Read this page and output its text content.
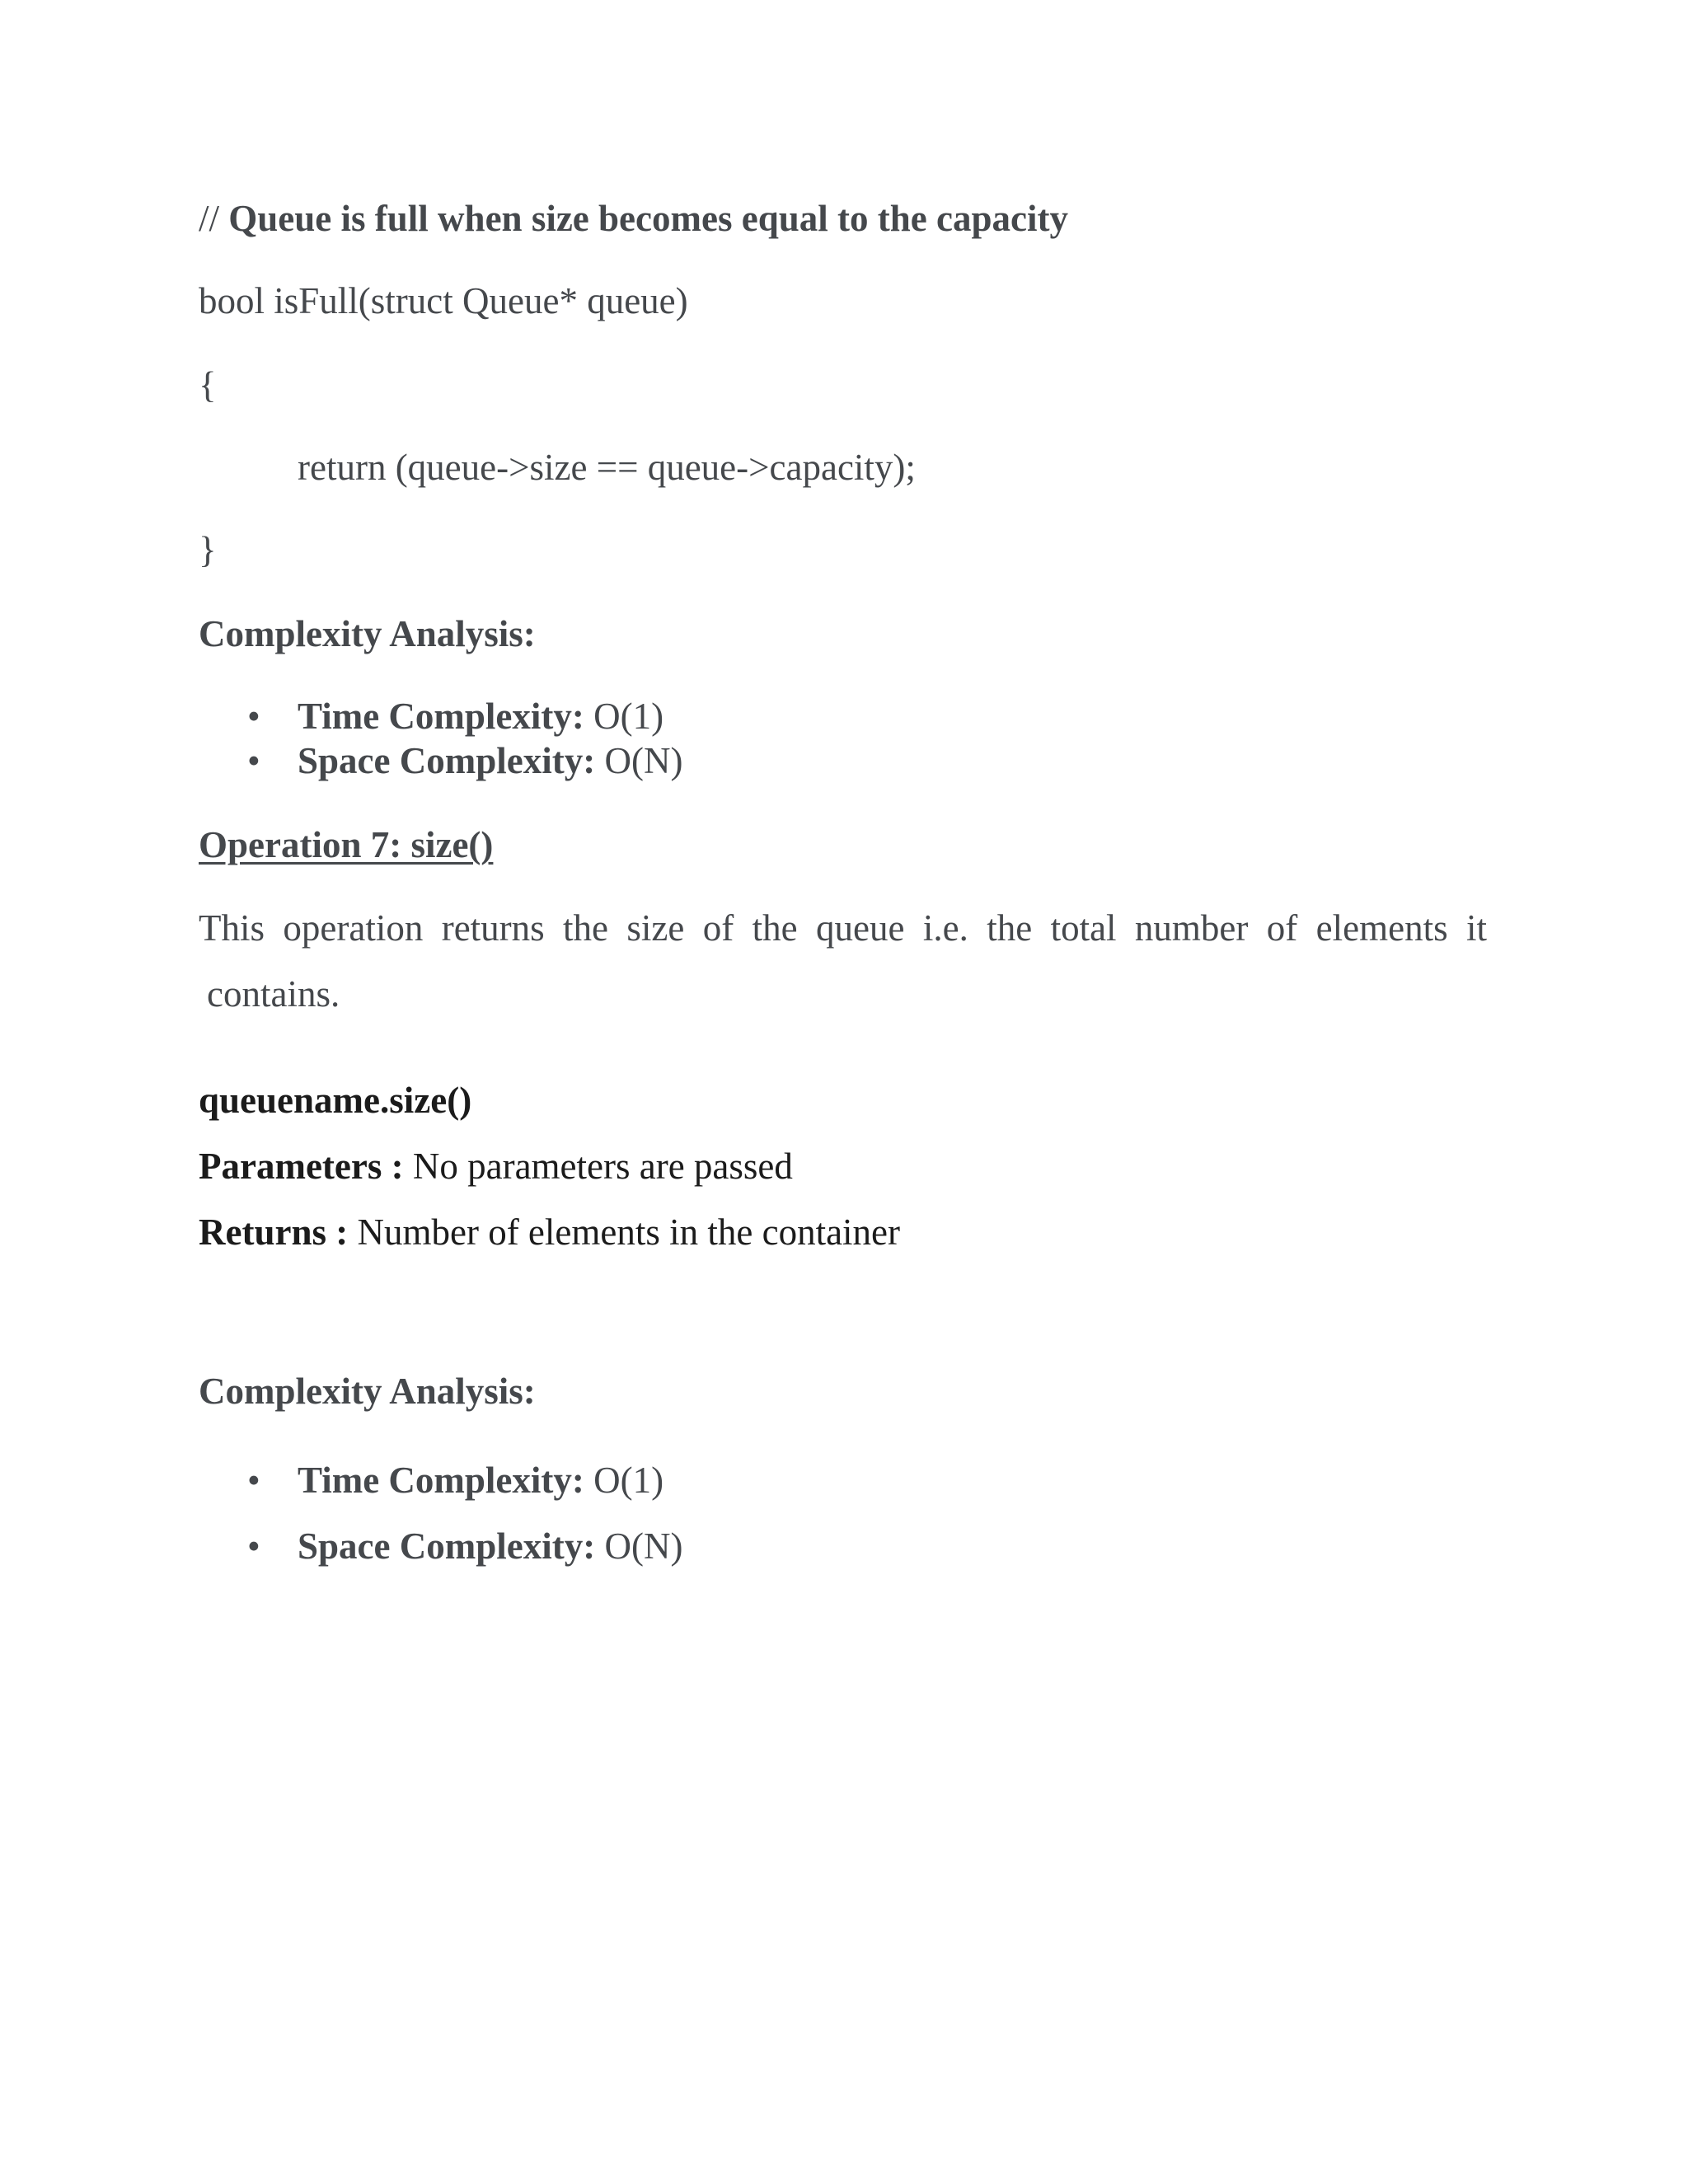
// Queue is full when size becomes equal to the capacity
bool isFull(struct Queue* queue)
{
return (queue->size == queue->capacity);
}
Complexity Analysis:
• Time Complexity: O(1)
• Space Complexity: O(N)
Operation 7: size()
This operation returns the size of the queue i.e. the total number of elements it
contains.
queuename.size()
Parameters : No parameters are passed
Returns : Number of elements in the container
Complexity Analysis:
• Time Complexity: O(1)
• Space Complexity: O(N)
